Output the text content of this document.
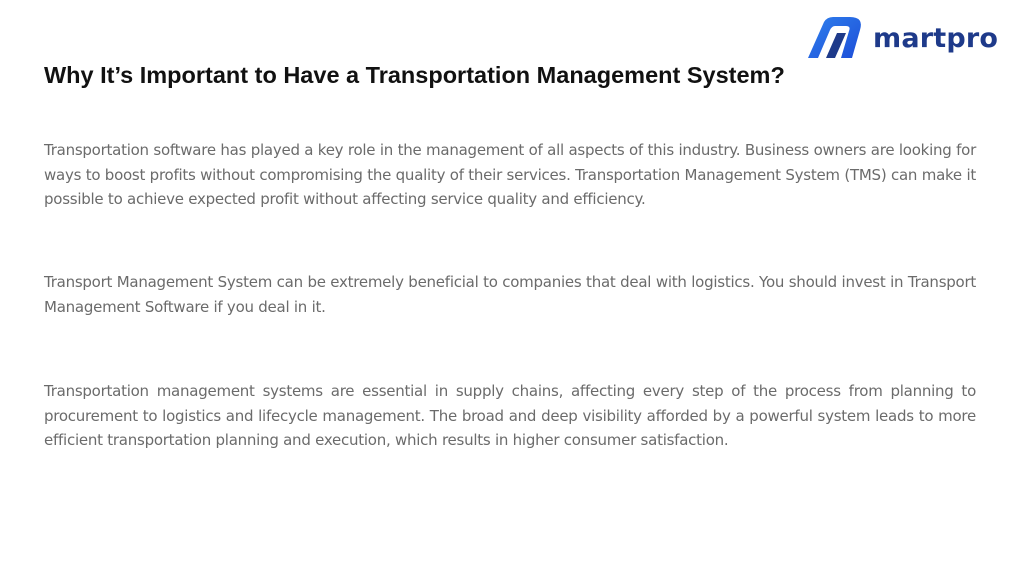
martpro
Why It’s Important to Have a Transportation Management System?

Transportation software has played a key role in the management of all aspects of this industry. Business owners are looking for ways to boost profits without compromising the quality of their services. Transportation Management System (TMS) can make it possible to achieve expected profit without affecting service quality and efficiency.

Transport Management System can be extremely beneficial to companies that deal with logistics. You should invest in Transport Management Software if you deal in it.

Transportation management systems are essential in supply chains, affecting every step of the process from planning to procurement to logistics and lifecycle management. The broad and deep visibility afforded by a powerful system leads to more efficient transportation planning and execution, which results in higher consumer satisfaction.
